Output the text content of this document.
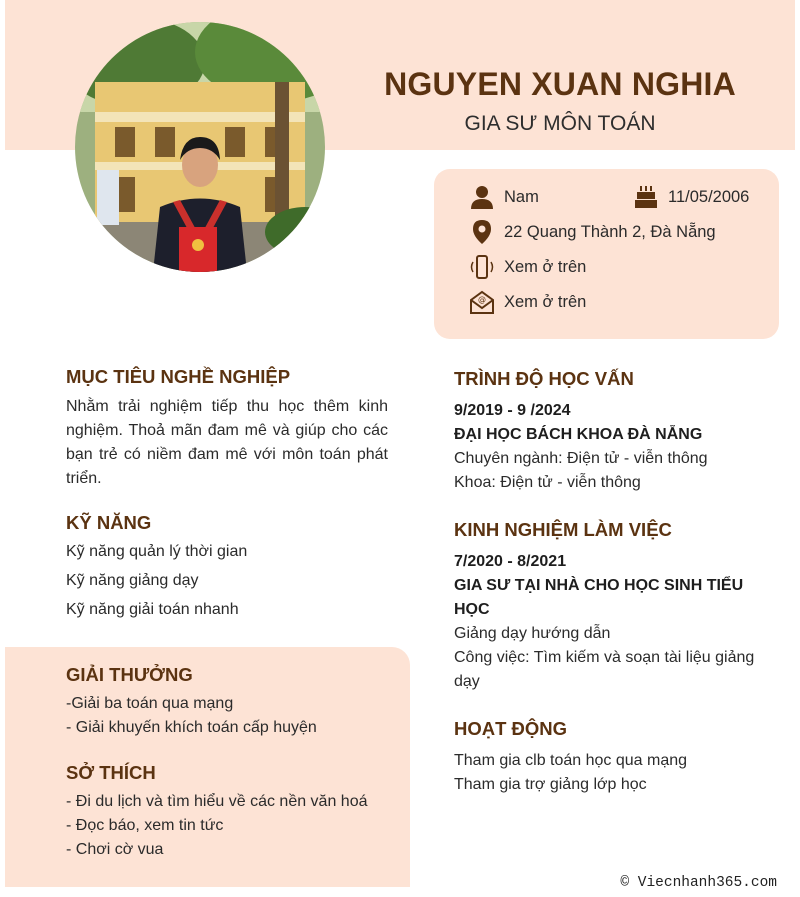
NGUYEN XUAN NGHIA
GIA SƯ MÔN TOÁN
Nam	11/05/2006
22 Quang Thành 2, Đà Nẵng
Xem ở trên
@ Xem ở trên
MỤC TIÊU NGHỀ NGHIỆP
Nhằm trải nghiệm tiếp thu học thêm kinh nghiệm. Thoả mãn đam mê và giúp cho các bạn trẻ có niềm đam mê với môn toán phát triển.
KỸ NĂNG
Kỹ năng quản lý thời gian
Kỹ năng giảng dạy
Kỹ năng giải toán nhanh
GIẢI THƯỞNG
-Giải ba toán qua mạng
- Giải khuyến khích toán cấp huyện
SỞ THÍCH
- Đi du lịch và tìm hiểu về các nền văn hoá
- Đọc báo, xem tin tức
- Chơi cờ vua
TRÌNH ĐỘ HỌC VẤN
9/2019 - 9 /2024
ĐẠI HỌC BÁCH KHOA ĐÀ NẴNG
Chuyên ngành: Điện tử - viễn thông
Khoa: Điện tử - viễn thông
KINH NGHIỆM LÀM VIỆC
7/2020 - 8/2021
GIA SƯ TẠI NHÀ CHO HỌC SINH TIỂU HỌC
Giảng dạy hướng dẫn
Công việc: Tìm kiếm và soạn tài liệu giảng dạy
HOẠT ĐỘNG
Tham gia clb toán học qua mạng
Tham gia trợ giảng lớp học
© Viecnhanh365.com
